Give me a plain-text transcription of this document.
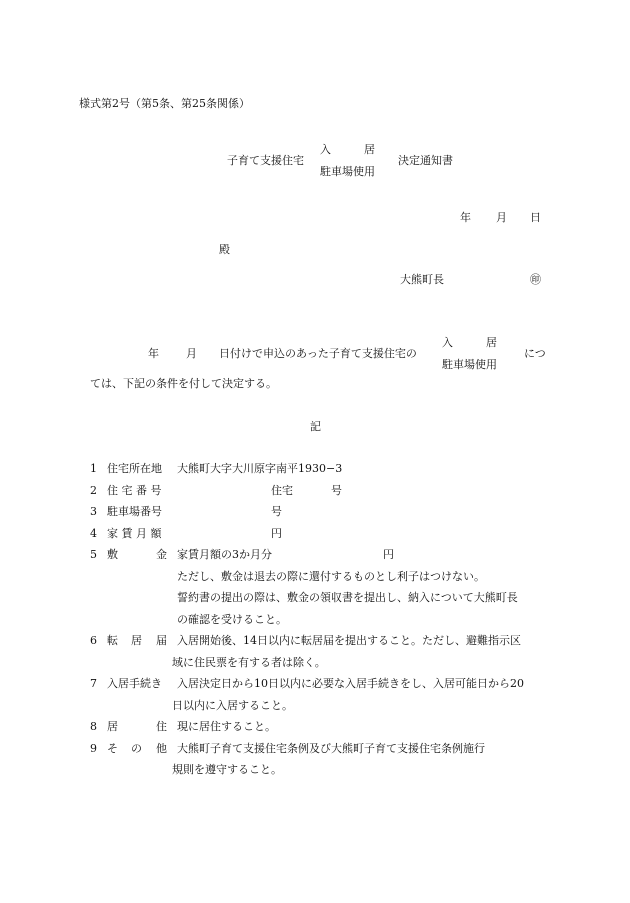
様式第2号（第5条、第25条関係）
子育て支援住宅
入　　　居
駐車場使用
決定通知書
年 月 日
殿
大熊町長	㊞
年 月 日付けで申込のあった子育て支援住宅の
入　　　居
駐車場使用
につ
ては、下記の条件を付して決定する。
記
1 住宅所在地 大熊町大字大川原字南平1930−3
2 住 宅 番 号	住宅	号
3 駐車場番号	号
4 家 賃 月 額	円
5 敷	金 家賃月額の3か月分	円
ただし、敷金は退去の際に還付するものとし利子はつけない。
誓約書の提出の際は、敷金の領収書を提出し、納入について大熊町長
の確認を受けること。
6 転 居 届 入居開始後、14日以内に転居届を提出すること。ただし、避難指示区
域に住民票を有する者は除く。
7 入居手続き 入居決定日から10日以内に必要な入居手続きをし、入居可能日から20
日以内に入居すること。
8 居	住 現に居住すること。
9 そ の 他 大熊町子育て支援住宅条例及び大熊町子育て支援住宅条例施行
規則を遵守すること。
